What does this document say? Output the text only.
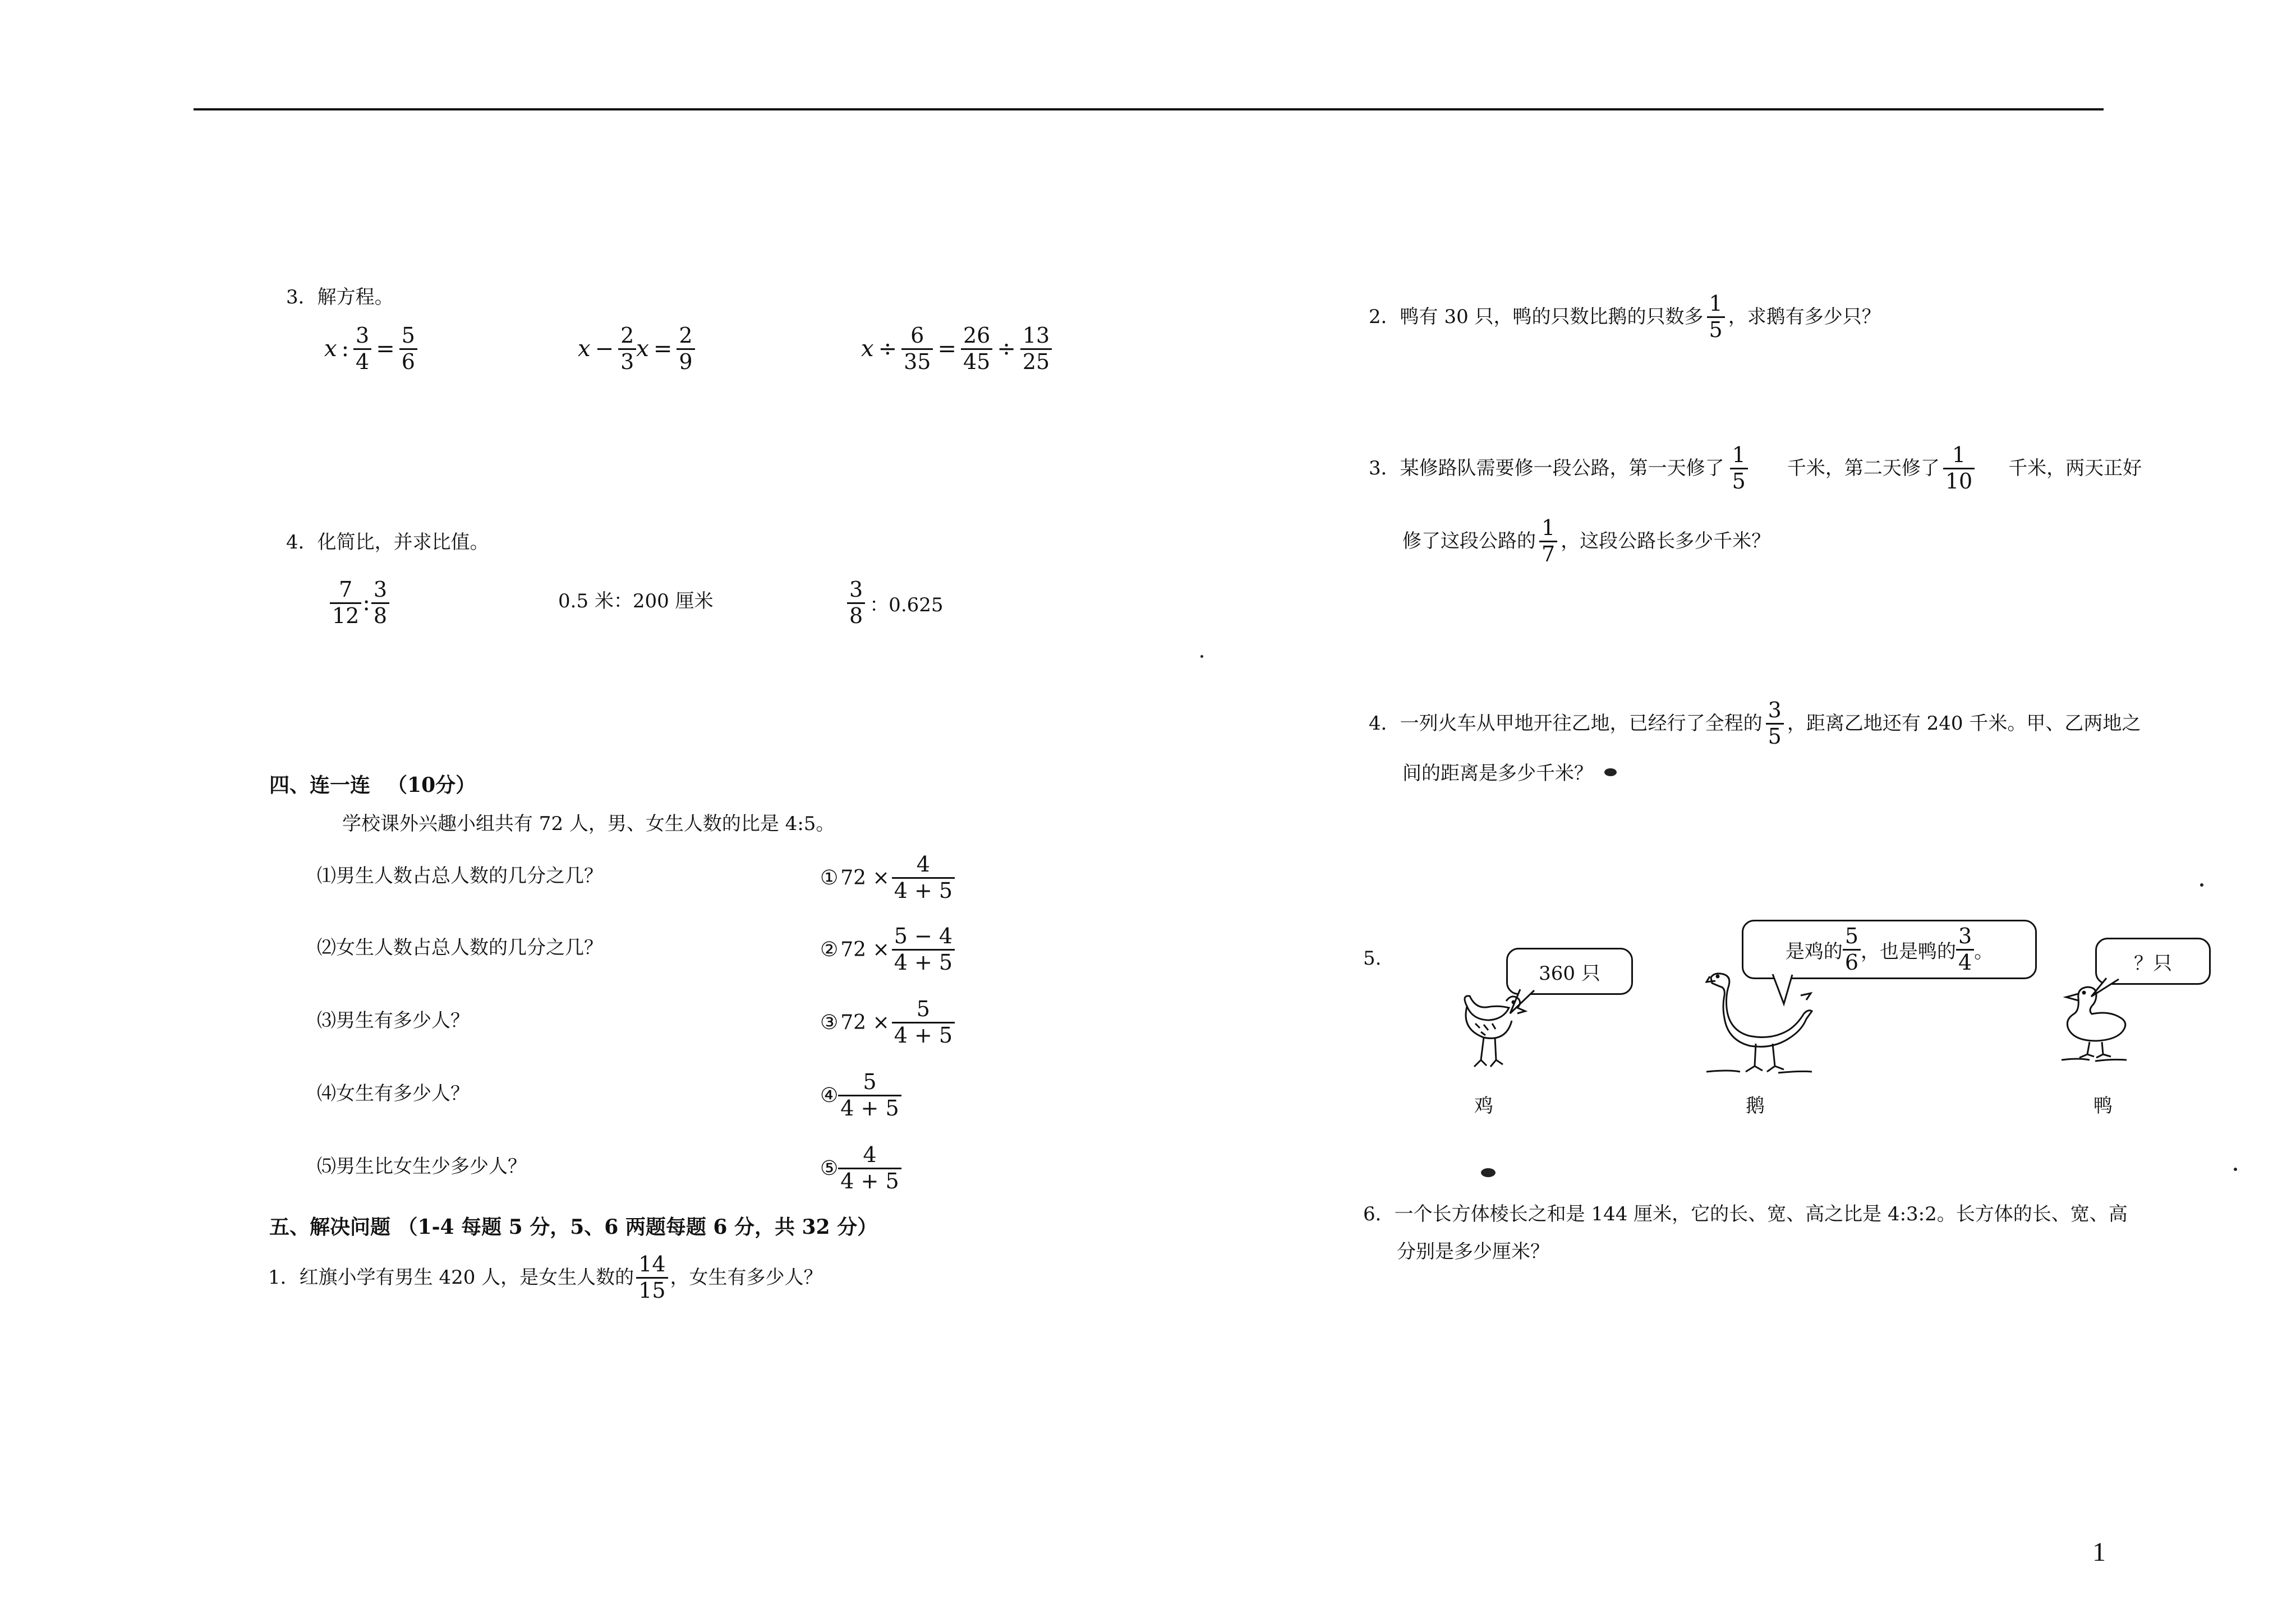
3．解方程。
x : $\frac{3}{4} = \frac{5}{6}$	$x - \frac{2}{3}$ $x = \frac{2}{9}$	$x \div \frac{6}{35} = \frac{26}{45} \div \frac{13}{25}$
4．化简比，并求比值。
$\frac{7}{12}$ : $\frac{3}{8}$	0.5 米：200 厘米	$\frac{3}{8}$ ：0.625
四、连一连 （10分）
学校课外兴趣小组共有 72 人，男、女生人数的比是 4:5。
⑴男生人数占总人数的几分之几？
⑵女生人数占总人数的几分之几？
⑶男生有多少人？
⑷女生有多少人？
⑸男生比女生少多少人？
① $72 \times \frac{4}{4 + 5}$
② $72 \times \frac{5 - 4}{4 + 5}$
③ $72 \times \frac{5}{4 + 5}$
④ $\frac{5}{4 + 5}$
⑤ $\frac{4}{4 + 5}$
五、解决问题 （1-4 每题 5 分，5、6 两题每题 6 分，共 32 分）
1．红旗小学有男生 420 人，是女生人数的 $\frac{14}{15}$ ，女生有多少人？
2．鸭有 30 只，鸭的只数比鹅的只数多 $\frac{1}{5}$ ，求鹅有多少只？
3．某修路队需要修一段公路，第一天修了 $\frac{1}{5}$ 千米，第二天修了 $\frac{1}{10}$ 千米，两天正好
修了这段公路的 $\frac{1}{7}$ ，这段公路长多少千米？
4．一列火车从甲地开往乙地，已经行了全程的 $\frac{3}{5}$ ，距离乙地还有 240 千米。甲、乙两地之
间的距离是多少千米？
5.
360 只
是鸡的 $\frac{5}{6}$ ，也是鸭的 $\frac{3}{4}$ 。
？只
鸡	鹅	鸭
6．一个长方体棱长之和是 144 厘米，它的长、宽、高之比是 4:3:2。长方体的长、宽、高
分别是多少厘米？
1
